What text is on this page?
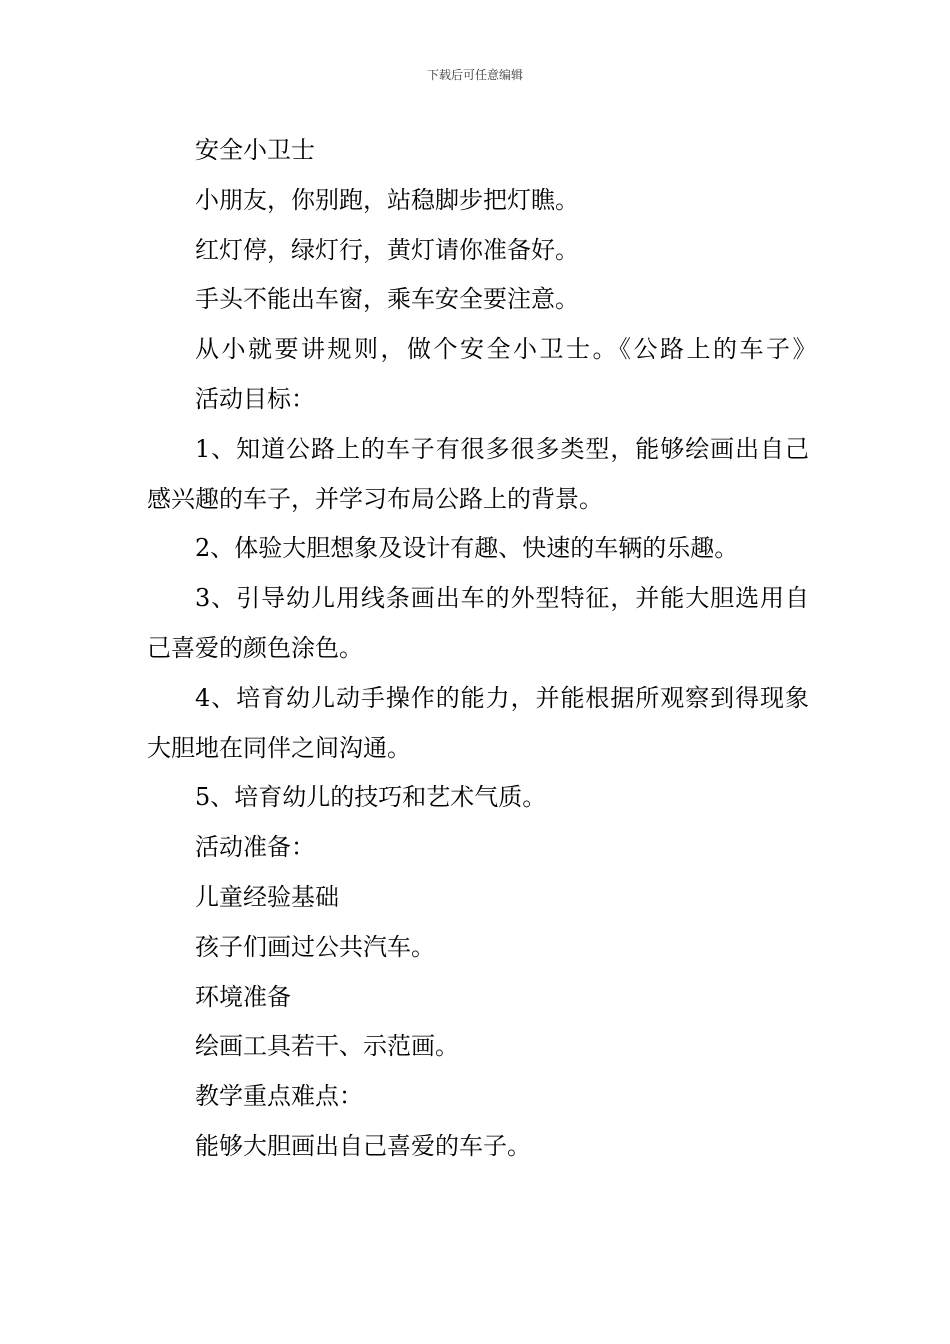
下载后可任意编辑

安全小卫士

小朋友，你别跑，站稳脚步把灯瞧。

红灯停，绿灯行，黄灯请你准备好。

手头不能出车窗，乘车安全要注意。

从小就要讲规则，做个安全小卫士。《公路上的车子》

活动目标：

1、知道公路上的车子有很多很多类型，能够绘画出自己感兴趣的车子，并学习布局公路上的背景。

2、体验大胆想象及设计有趣、快速的车辆的乐趣。

3、引导幼儿用线条画出车的外型特征，并能大胆选用自己喜爱的颜色涂色。

4、培育幼儿动手操作的能力，并能根据所观察到得现象大胆地在同伴之间沟通。

5、培育幼儿的技巧和艺术气质。

活动准备：

儿童经验基础

孩子们画过公共汽车。

环境准备

绘画工具若干、示范画。

教学重点难点：

能够大胆画出自己喜爱的车子。
